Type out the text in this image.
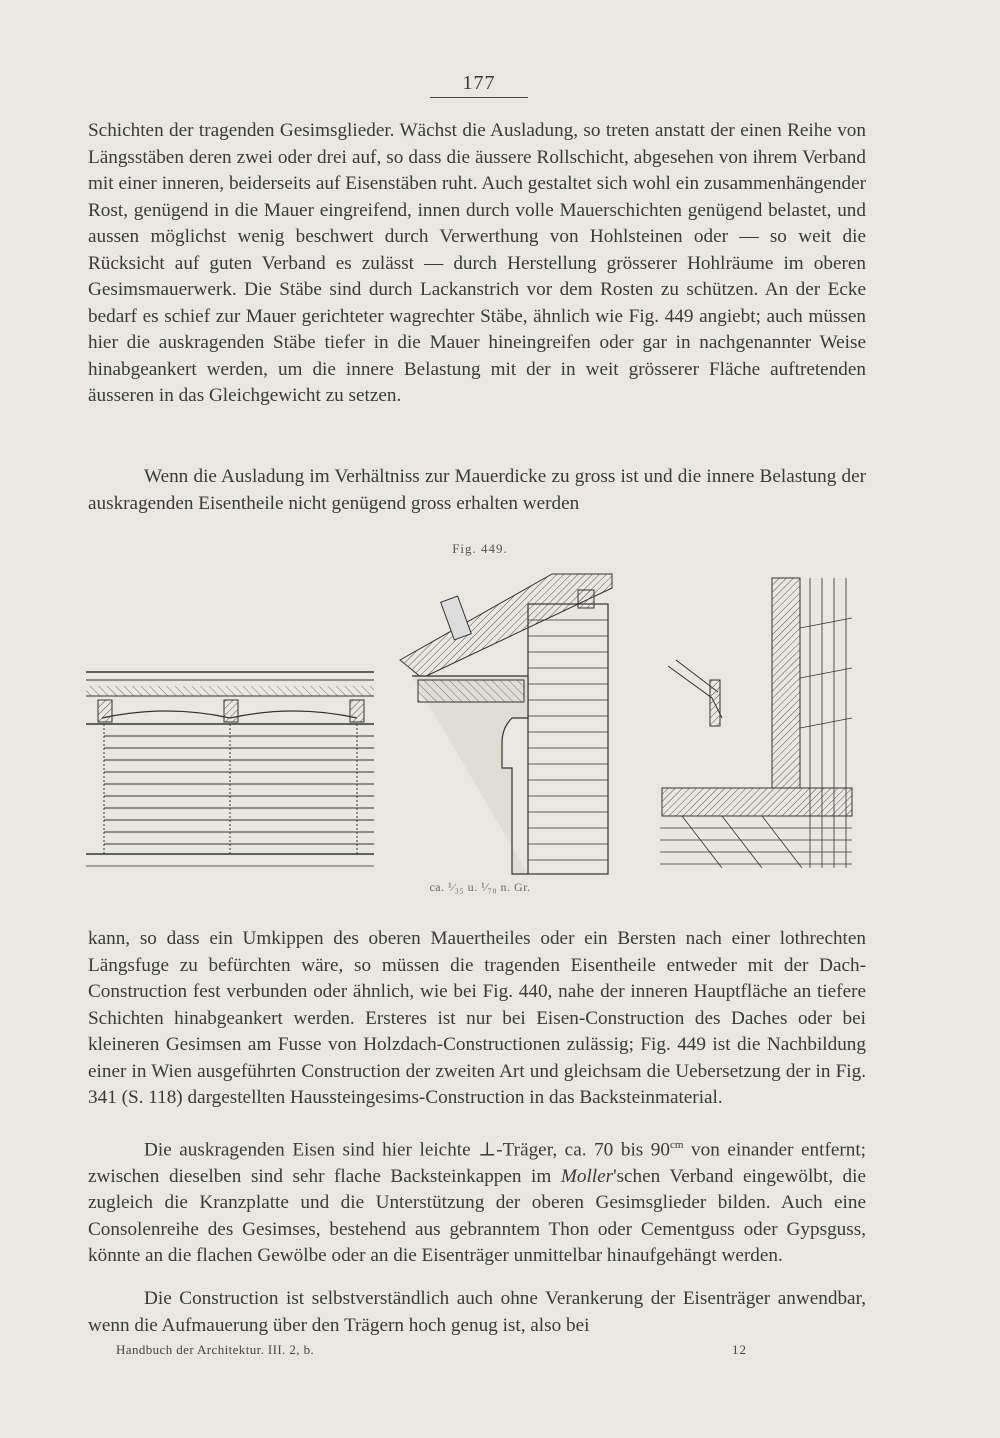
177

Schichten der tragenden Gesimsglieder. Wächst die Ausladung, so treten anstatt der einen Reihe von Längsstäben deren zwei oder drei auf, so dass die äussere Rollschicht, abgesehen von ihrem Verband mit einer inneren, beiderseits auf Eisenstäben ruht. Auch gestaltet sich wohl ein zusammenhängender Rost, genügend in die Mauer eingreifend, innen durch volle Mauerschichten genügend belastet, und aussen möglichst wenig beschwert durch Verwerthung von Hohlsteinen oder — so weit die Rücksicht auf guten Verband es zulässt — durch Herstellung grösserer Hohlräume im oberen Gesimsmauerwerk. Die Stäbe sind durch Lackanstrich vor dem Rosten zu schützen. An der Ecke bedarf es schief zur Mauer gerichteter wagrechter Stäbe, ähnlich wie Fig. 449 angiebt; auch müssen hier die auskragenden Stäbe tiefer in die Mauer hineingreifen oder gar in nachgenannter Weise hinabgeankert werden, um die innere Belastung mit der in weit grösserer Fläche auftretenden äusseren in das Gleichgewicht zu setzen.

Wenn die Ausladung im Verhältniss zur Mauerdicke zu gross ist und die innere Belastung der auskragenden Eisentheile nicht genügend gross erhalten werden

Fig. 449.
ca. ¹⁄₃₅ u. ¹⁄₇₀ n. Gr.

kann, so dass ein Umkippen des oberen Mauertheiles oder ein Bersten nach einer lothrechten Längsfuge zu befürchten wäre, so müssen die tragenden Eisentheile entweder mit der Dach-Construction fest verbunden oder ähnlich, wie bei Fig. 440, nahe der inneren Hauptfläche an tiefere Schichten hinabgeankert werden. Ersteres ist nur bei Eisen-Construction des Daches oder bei kleineren Gesimsen am Fusse von Holzdach-Constructionen zulässig; Fig. 449 ist die Nachbildung einer in Wien ausgeführten Construction der zweiten Art und gleichsam die Uebersetzung der in Fig. 341 (S. 118) dargestellten Haussteingesims-Construction in das Backsteinmaterial.

Die auskragenden Eisen sind hier leichte ⊥-Träger, ca. 70 bis $90^{cm}$ von einander entfernt; zwischen dieselben sind sehr flache Backsteinkappen im Moller'schen Verband eingewölbt, die zugleich die Kranzplatte und die Unterstützung der oberen Gesimsglieder bilden. Auch eine Consolenreihe des Gesimses, bestehend aus gebranntem Thon oder Cementguss oder Gypsguss, könnte an die flachen Gewölbe oder an die Eisenträger unmittelbar hinaufgehängt werden.

Die Construction ist selbstverständlich auch ohne Verankerung der Eisenträger anwendbar, wenn die Aufmauerung über den Trägern hoch genug ist, also bei

Handbuch der Architektur. III. 2, b.	12
